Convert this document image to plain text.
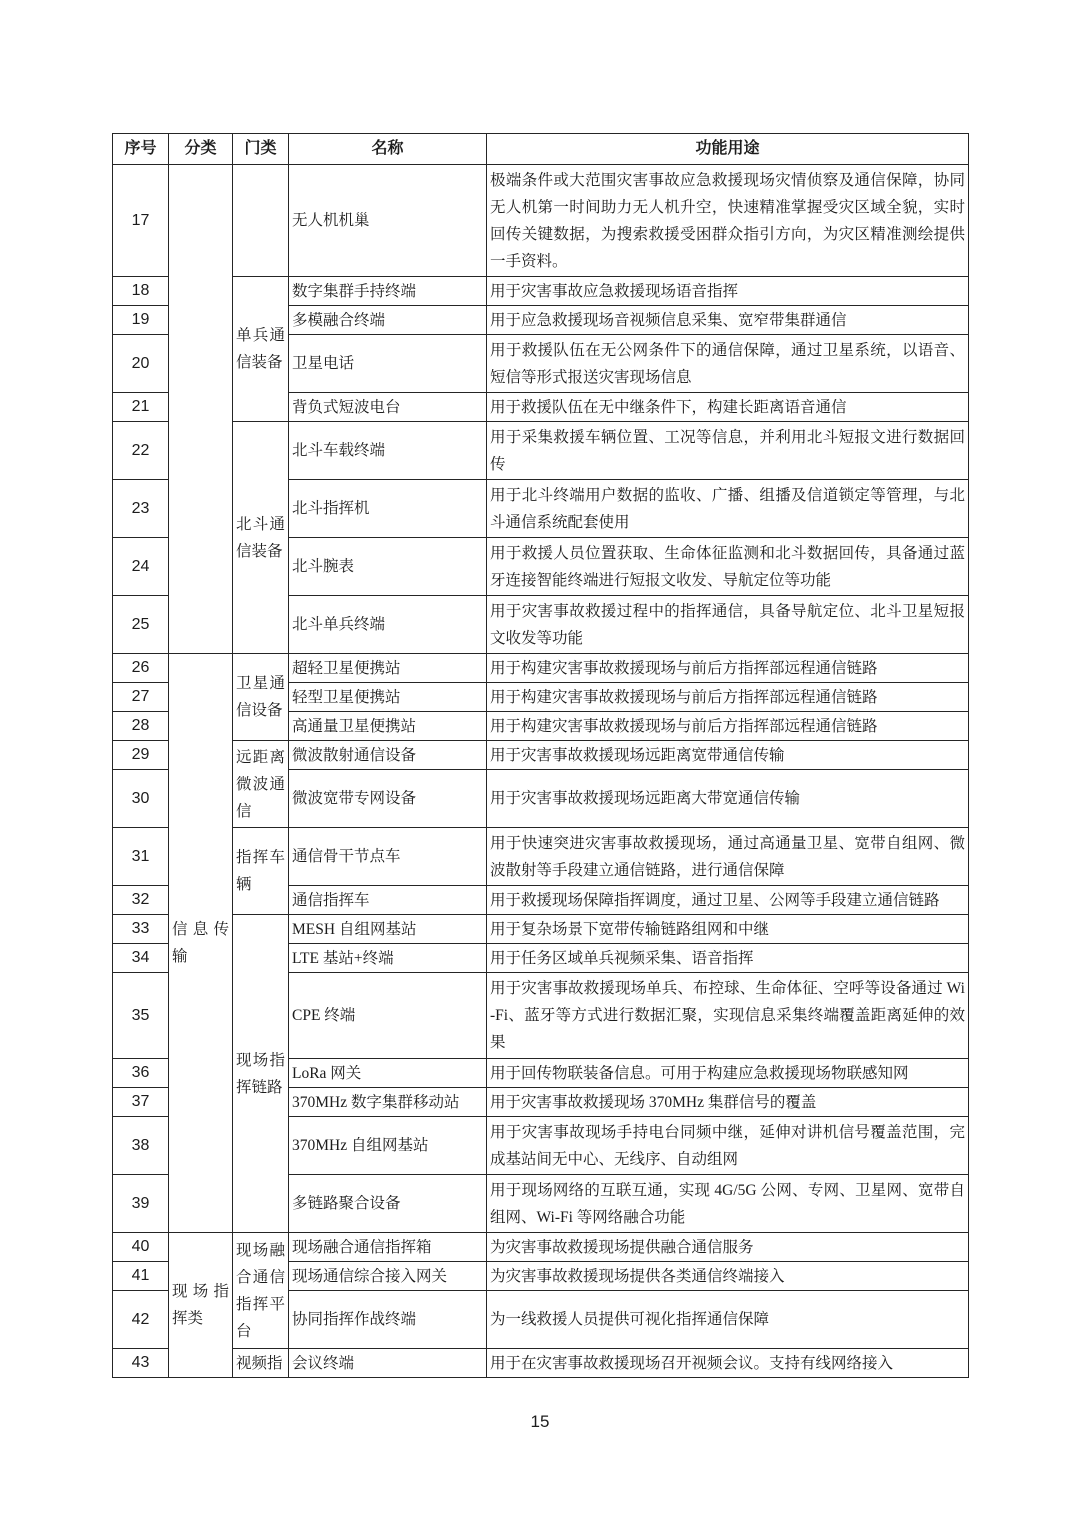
序号	分类	门类	名称	功能用途
17			无人机机巢	极端条件或大范围灾害事故应急救援现场灾情侦察及通信保障，协同无人机第一时间助力无人机升空，快速精准掌握受灾区域全貌，实时回传关键数据，为搜索救援受困群众指引方向，为灾区精准测绘提供一手资料。
18		单兵通信装备	数字集群手持终端	用于灾害事故应急救援现场语音指挥
19			多模融合终端	用于应急救援现场音视频信息采集、宽窄带集群通信
20			卫星电话	用于救援队伍在无公网条件下的通信保障，通过卫星系统，以语音、短信等形式报送灾害现场信息
21			背负式短波电台	用于救援队伍在无中继条件下，构建长距离语音通信
22		北斗通信装备	北斗车载终端	用于采集救援车辆位置、工况等信息，并利用北斗短报文进行数据回传
23			北斗指挥机	用于北斗终端用户数据的监收、广播、组播及信道锁定等管理，与北斗通信系统配套使用
24			北斗腕表	用于救援人员位置获取、生命体征监测和北斗数据回传，具备通过蓝牙连接智能终端进行短报文收发、导航定位等功能
25			北斗单兵终端	用于灾害事故救援过程中的指挥通信，具备导航定位、北斗卫星短报文收发等功能
26	信息传输	卫星通信设备	超轻卫星便携站	用于构建灾害事故救援现场与前后方指挥部远程通信链路
27			轻型卫星便携站	用于构建灾害事故救援现场与前后方指挥部远程通信链路
28			高通量卫星便携站	用于构建灾害事故救援现场与前后方指挥部远程通信链路
29		远距离微波通信	微波散射通信设备	用于灾害事故救援现场远距离宽带通信传输
30			微波宽带专网设备	用于灾害事故救援现场远距离大带宽通信传输
31		指挥车辆	通信骨干节点车	用于快速突进灾害事故救援现场，通过高通量卫星、宽带自组网、微波散射等手段建立通信链路，进行通信保障
32			通信指挥车	用于救援现场保障指挥调度，通过卫星、公网等手段建立通信链路
33		现场指挥链路	MESH 自组网基站	用于复杂场景下宽带传输链路组网和中继
34			LTE 基站+终端	用于任务区域单兵视频采集、语音指挥
35			CPE 终端	用于灾害事故救援现场单兵、布控球、生命体征、空呼等设备通过 Wi-Fi、蓝牙等方式进行数据汇聚，实现信息采集终端覆盖距离延伸的效果
36			LoRa 网关	用于回传物联装备信息。可用于构建应急救援现场物联感知网
37			370MHz 数字集群移动站	用于灾害事故救援现场 370MHz 集群信号的覆盖
38			370MHz 自组网基站	用于灾害事故现场手持电台同频中继，延伸对讲机信号覆盖范围，完成基站间无中心、无线序、自动组网
39			多链路聚合设备	用于现场网络的互联互通，实现 4G/5G 公网、专网、卫星网、宽带自组网、Wi-Fi 等网络融合功能
40	现场指挥类	现场融合通信指挥平台	现场融合通信指挥箱	为灾害事故救援现场提供融合通信服务
41			现场通信综合接入网关	为灾害事故救援现场提供各类通信终端接入
42			协同指挥作战终端	为一线救援人员提供可视化指挥通信保障
43		视频指	会议终端	用于在灾害事故救援现场召开视频会议。支持有线网络接入
15
